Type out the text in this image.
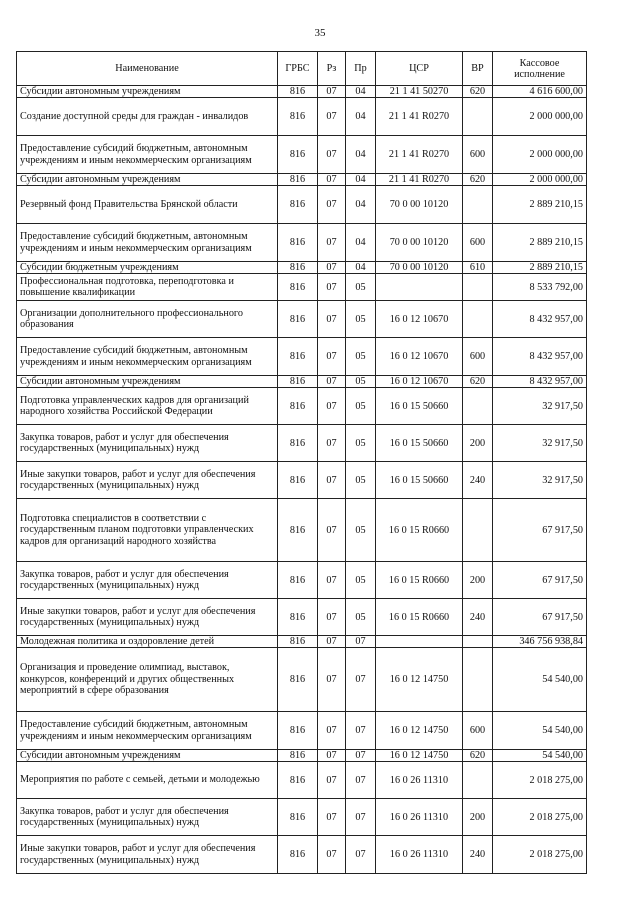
35
Наименование	ГРБС	Рз	Пр	ЦСР	ВР	Кассовое исполнение
Субсидии автономным учреждениям	816	07	04	21 1 41 50270	620	4 616 600,00
Создание доступной среды для граждан - инвалидов	816	07	04	21 1 41 R0270		2 000 000,00
Предоставление субсидий бюджетным, автономным учреждениям и иным некоммерческим организациям	816	07	04	21 1 41 R0270	600	2 000 000,00
Субсидии автономным учреждениям	816	07	04	21 1 41 R0270	620	2 000 000,00
Резервный фонд Правительства Брянской области	816	07	04	70 0 00 10120		2 889 210,15
Предоставление субсидий бюджетным, автономным учреждениям и иным некоммерческим организациям	816	07	04	70 0 00 10120	600	2 889 210,15
Субсидии бюджетным учреждениям	816	07	04	70 0 00 10120	610	2 889 210,15
Профессиональная подготовка, переподготовка и повышение квалификации	816	07	05			8 533 792,00
Организации дополнительного профессионального образования	816	07	05	16 0 12 10670		8 432 957,00
Предоставление субсидий бюджетным, автономным учреждениям и иным некоммерческим организациям	816	07	05	16 0 12 10670	600	8 432 957,00
Субсидии автономным учреждениям	816	07	05	16 0 12 10670	620	8 432 957,00
Подготовка управленческих кадров для организаций народного хозяйства Российской Федерации	816	07	05	16 0 15 50660		32 917,50
Закупка товаров, работ и услуг для обеспечения государственных (муниципальных) нужд	816	07	05	16 0 15 50660	200	32 917,50
Иные закупки товаров, работ и услуг для обеспечения государственных (муниципальных) нужд	816	07	05	16 0 15 50660	240	32 917,50
Подготовка специалистов в соответствии с государственным планом подготовки управленческих кадров для организаций народного хозяйства	816	07	05	16 0 15 R0660		67 917,50
Закупка товаров, работ и услуг для обеспечения государственных (муниципальных) нужд	816	07	05	16 0 15 R0660	200	67 917,50
Иные закупки товаров, работ и услуг для обеспечения государственных (муниципальных) нужд	816	07	05	16 0 15 R0660	240	67 917,50
Молодежная политика и оздоровление детей	816	07	07			346 756 938,84
Организация и проведение олимпиад, выставок, конкурсов, конференций и других общественных мероприятий в сфере образования	816	07	07	16 0 12 14750		54 540,00
Предоставление субсидий бюджетным, автономным учреждениям и иным некоммерческим организациям	816	07	07	16 0 12 14750	600	54 540,00
Субсидии автономным учреждениям	816	07	07	16 0 12 14750	620	54 540,00
Мероприятия по работе с семьей, детьми и молодежью	816	07	07	16 0 26 11310		2 018 275,00
Закупка товаров, работ и услуг для обеспечения государственных (муниципальных) нужд	816	07	07	16 0 26 11310	200	2 018 275,00
Иные закупки товаров, работ и услуг для обеспечения государственных (муниципальных) нужд	816	07	07	16 0 26 11310	240	2 018 275,00
